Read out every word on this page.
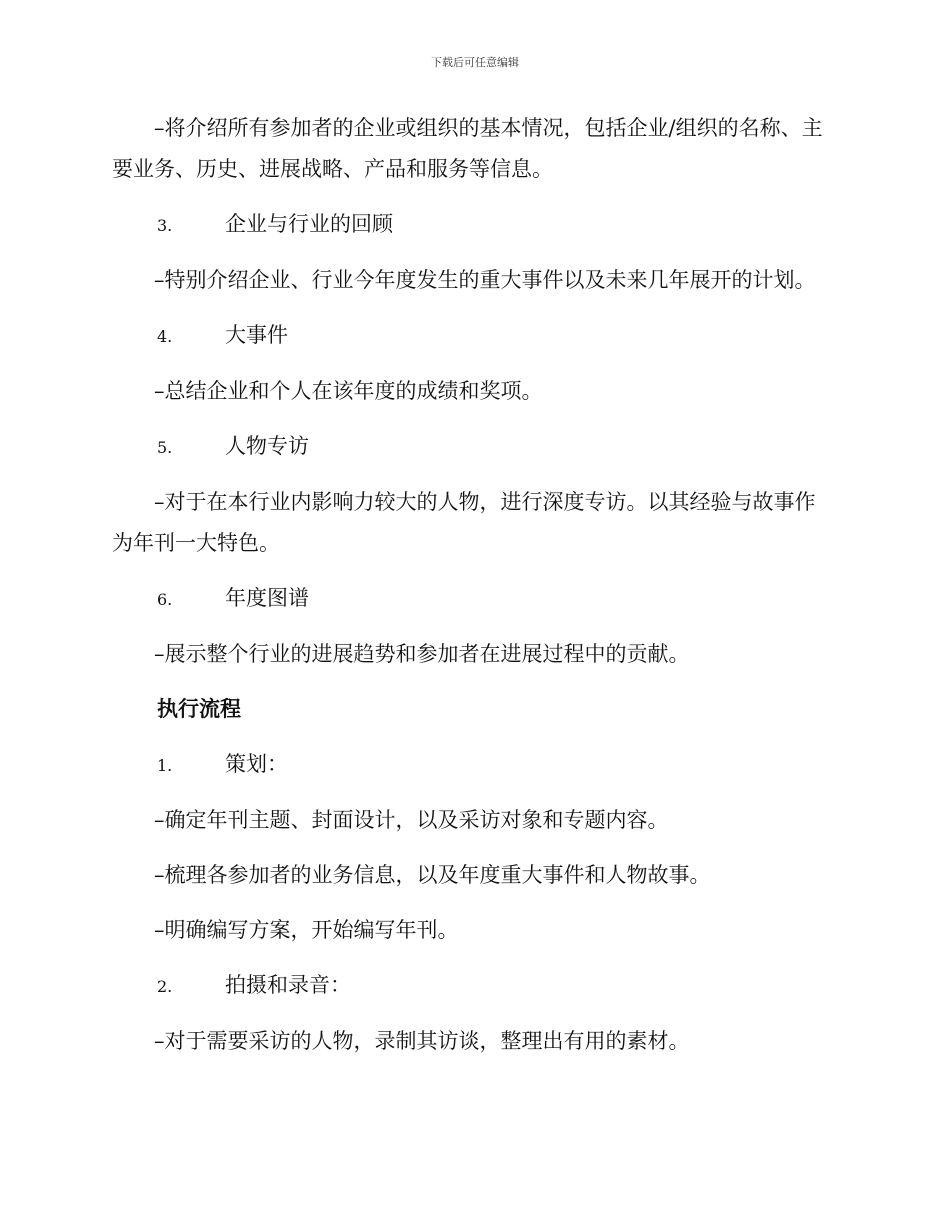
下载后可任意编辑

–将介绍所有参加者的企业或组织的基本情况，包括企业/组织的名称、主要业务、历史、进展战略、产品和服务等信息。

3.	企业与行业的回顾

–特别介绍企业、行业今年度发生的重大事件以及未来几年展开的计划。

4.	大事件

–总结企业和个人在该年度的成绩和奖项。

5.	人物专访

–对于在本行业内影响力较大的人物，进行深度专访。以其经验与故事作为年刊一大特色。

6.	年度图谱

–展示整个行业的进展趋势和参加者在进展过程中的贡献。

执行流程
1.	策划：

–确定年刊主题、封面设计，以及采访对象和专题内容。

–梳理各参加者的业务信息，以及年度重大事件和人物故事。

–明确编写方案，开始编写年刊。

2.	拍摄和录音：

–对于需要采访的人物，录制其访谈，整理出有用的素材。
